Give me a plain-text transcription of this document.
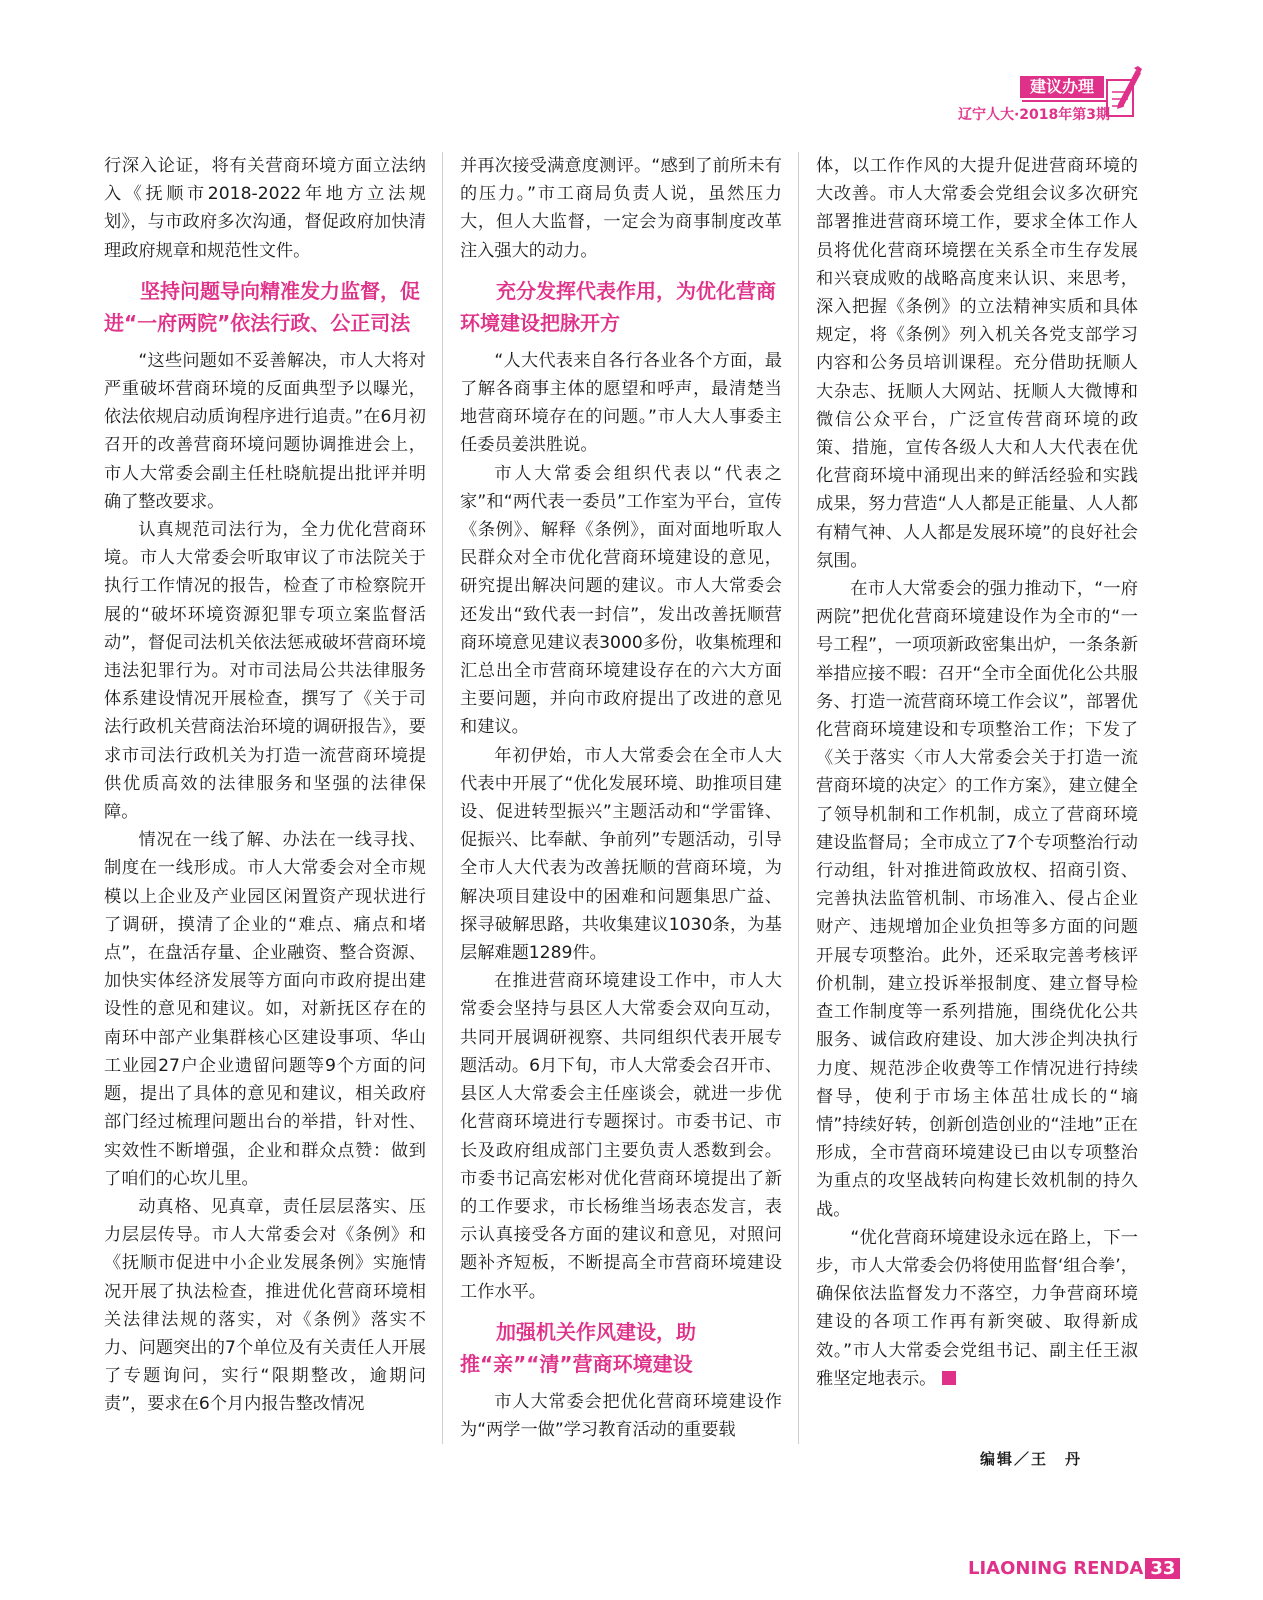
建议办理
辽宁人大·2018年第3期

行深入论证，将有关营商环境方面立法纳入《抚顺市2018-2022年地方立法规划》，与市政府多次沟通，督促政府加快清理政府规章和规范性文件。

坚持问题导向精准发力监督，促进“一府两院”依法行政、公正司法

“这些问题如不妥善解决，市人大将对严重破坏营商环境的反面典型予以曝光，依法依规启动质询程序进行追责。”在6月初召开的改善营商环境问题协调推进会上，市人大常委会副主任杜晓航提出批评并明确了整改要求。

认真规范司法行为，全力优化营商环境。市人大常委会听取审议了市法院关于执行工作情况的报告，检查了市检察院开展的“破坏环境资源犯罪专项立案监督活动”，督促司法机关依法惩戒破坏营商环境违法犯罪行为。对市司法局公共法律服务体系建设情况开展检查，撰写了《关于司法行政机关营商法治环境的调研报告》，要求市司法行政机关为打造一流营商环境提供优质高效的法律服务和坚强的法律保障。

情况在一线了解、办法在一线寻找、制度在一线形成。市人大常委会对全市规模以上企业及产业园区闲置资产现状进行了调研，摸清了企业的“难点、痛点和堵点”，在盘活存量、企业融资、整合资源、加快实体经济发展等方面向市政府提出建设性的意见和建议。如，对新抚区存在的南环中部产业集群核心区建设事项、华山工业园27户企业遗留问题等9个方面的问题，提出了具体的意见和建议，相关政府部门经过梳理问题出台的举措，针对性、实效性不断增强，企业和群众点赞：做到了咱们的心坎儿里。

动真格、见真章，责任层层落实、压力层层传导。市人大常委会对《条例》和《抚顺市促进中小企业发展条例》实施情况开展了执法检查，推进优化营商环境相关法律法规的落实，对《条例》落实不力、问题突出的7个单位及有关责任人开展了专题询问，实行“限期整改，逾期问责”，要求在6个月内报告整改情况

并再次接受满意度测评。“感到了前所未有的压力。”市工商局负责人说，虽然压力大，但人大监督，一定会为商事制度改革注入强大的动力。

充分发挥代表作用，为优化营商环境建设把脉开方

“人大代表来自各行各业各个方面，最了解各商事主体的愿望和呼声，最清楚当地营商环境存在的问题。”市人大人事委主任委员姜洪胜说。

市人大常委会组织代表以“代表之家”和“两代表一委员”工作室为平台，宣传《条例》、解释《条例》，面对面地听取人民群众对全市优化营商环境建设的意见，研究提出解决问题的建议。市人大常委会还发出“致代表一封信”，发出改善抚顺营商环境意见建议表3000多份，收集梳理和汇总出全市营商环境建设存在的六大方面主要问题，并向市政府提出了改进的意见和建议。

年初伊始，市人大常委会在全市人大代表中开展了“优化发展环境、助推项目建设、促进转型振兴”主题活动和“学雷锋、促振兴、比奉献、争前列”专题活动，引导全市人大代表为改善抚顺的营商环境，为解决项目建设中的困难和问题集思广益、探寻破解思路，共收集建议1030条，为基层解难题1289件。

在推进营商环境建设工作中，市人大常委会坚持与县区人大常委会双向互动，共同开展调研视察、共同组织代表开展专题活动。6月下旬，市人大常委会召开市、县区人大常委会主任座谈会，就进一步优化营商环境进行专题探讨。市委书记、市长及政府组成部门主要负责人悉数到会。市委书记高宏彬对优化营商环境提出了新的工作要求，市长杨维当场表态发言，表示认真接受各方面的建议和意见，对照问题补齐短板，不断提高全市营商环境建设工作水平。

加强机关作风建设，助推“亲”“清”营商环境建设

市人大常委会把优化营商环境建设作为“两学一做”学习教育活动的重要载

体，以工作作风的大提升促进营商环境的大改善。市人大常委会党组会议多次研究部署推进营商环境工作，要求全体工作人员将优化营商环境摆在关系全市生存发展和兴衰成败的战略高度来认识、来思考，深入把握《条例》的立法精神实质和具体规定，将《条例》列入机关各党支部学习内容和公务员培训课程。充分借助抚顺人大杂志、抚顺人大网站、抚顺人大微博和微信公众平台，广泛宣传营商环境的政策、措施，宣传各级人大和人大代表在优化营商环境中涌现出来的鲜活经验和实践成果，努力营造“人人都是正能量、人人都有精气神、人人都是发展环境”的良好社会氛围。

在市人大常委会的强力推动下，“一府两院”把优化营商环境建设作为全市的“一号工程”，一项项新政密集出炉，一条条新举措应接不暇：召开“全市全面优化公共服务、打造一流营商环境工作会议”，部署优化营商环境建设和专项整治工作；下发了《关于落实〈市人大常委会关于打造一流营商环境的决定〉的工作方案》，建立健全了领导机制和工作机制，成立了营商环境建设监督局；全市成立了7个专项整治行动行动组，针对推进简政放权、招商引资、完善执法监管机制、市场准入、侵占企业财产、违规增加企业负担等多方面的问题开展专项整治。此外，还采取完善考核评价机制，建立投诉举报制度、建立督导检查工作制度等一系列措施，围绕优化公共服务、诚信政府建设、加大涉企判决执行力度、规范涉企收费等工作情况进行持续督导，使利于市场主体茁壮成长的“墒情”持续好转，创新创造创业的“洼地”正在形成，全市营商环境建设已由以专项整治为重点的攻坚战转向构建长效机制的持久战。

“优化营商环境建设永远在路上，下一步，市人大常委会仍将使用监督‘组合拳’，确保依法监督发力不落空，力争营商环境建设的各项工作再有新突破、取得新成效。”市人大常委会党组书记、副主任王淑雅坚定地表示。

编辑／王　丹
LIAONING RENDA 33
